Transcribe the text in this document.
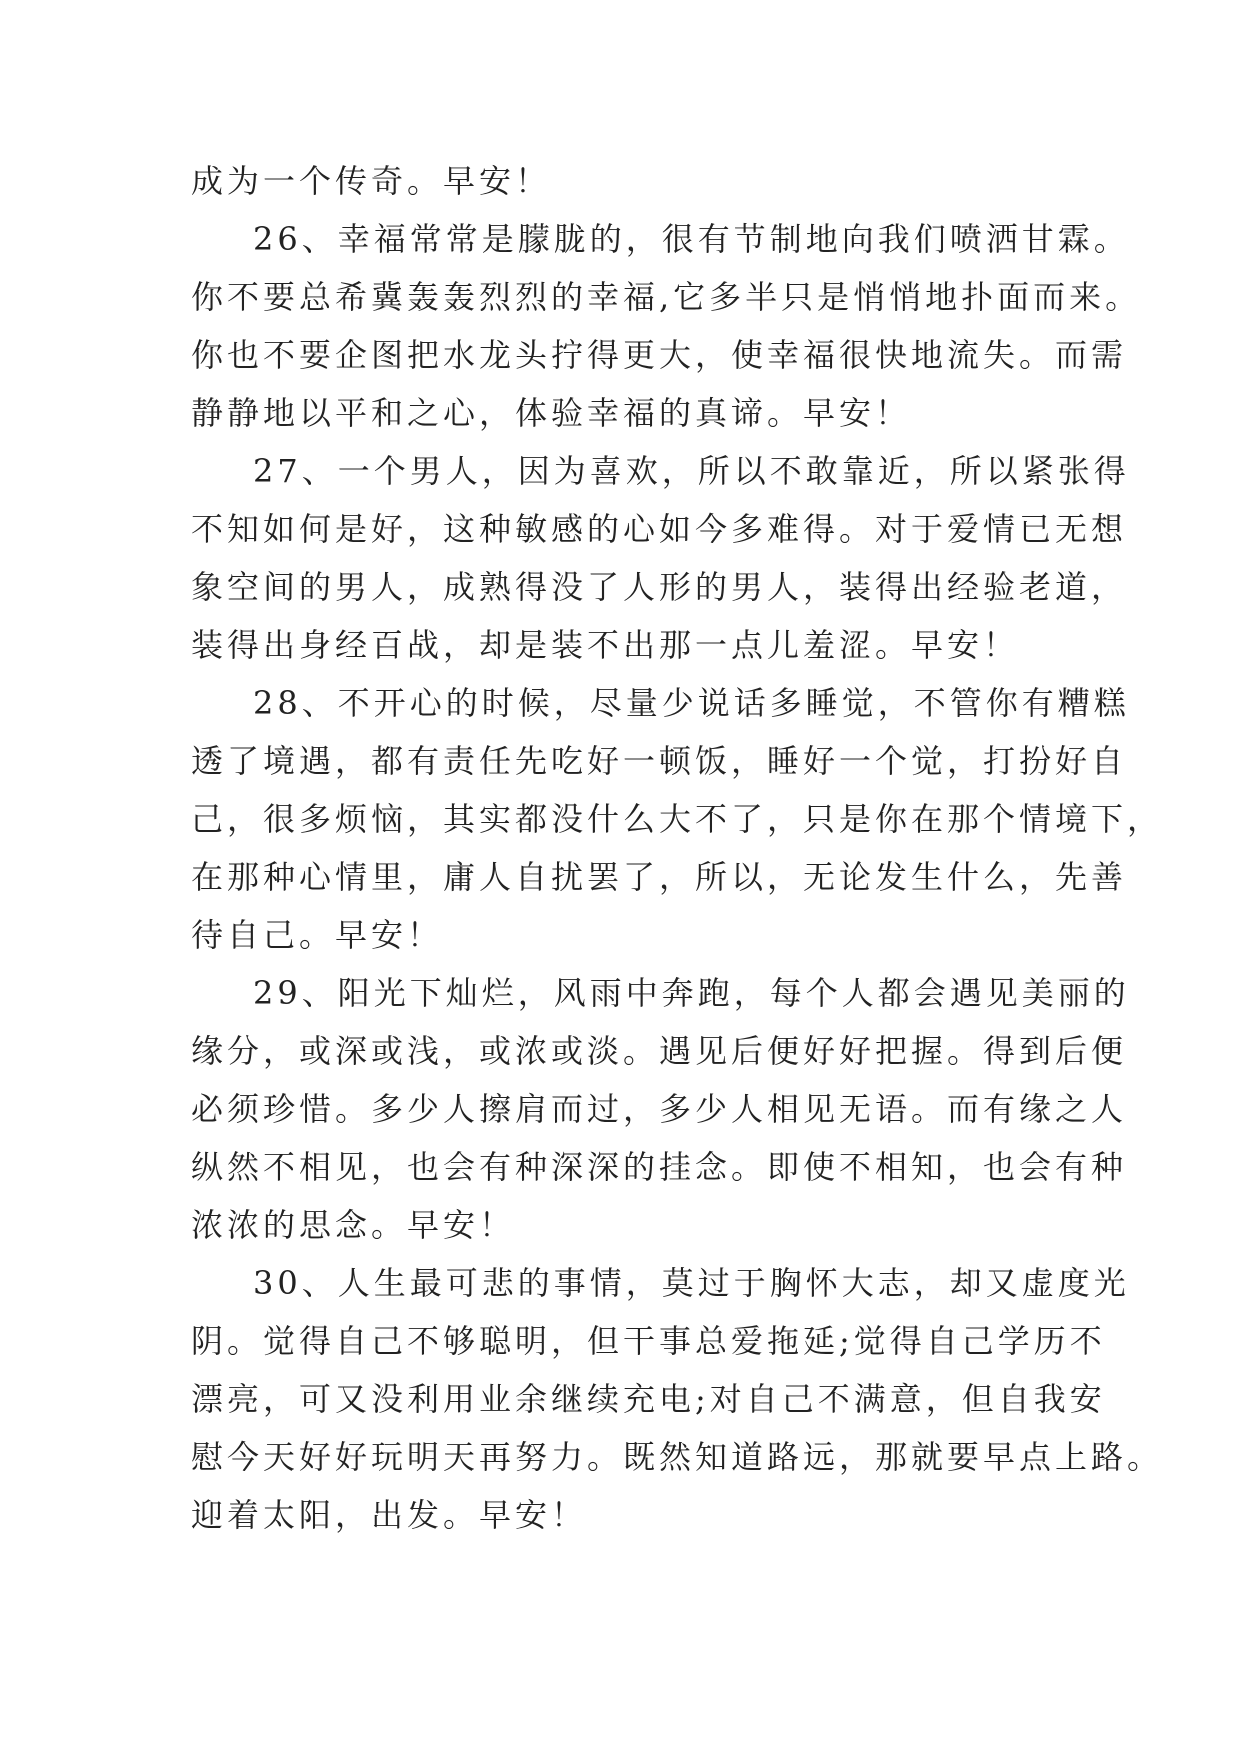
成为一个传奇。早安！
26、幸福常常是朦胧的，很有节制地向我们喷洒甘霖。
你不要总希冀轰轰烈烈的幸福,它多半只是悄悄地扑面而来。
你也不要企图把水龙头拧得更大，使幸福很快地流失。而需
静静地以平和之心，体验幸福的真谛。早安！
27、一个男人，因为喜欢，所以不敢靠近，所以紧张得
不知如何是好，这种敏感的心如今多难得。对于爱情已无想
象空间的男人，成熟得没了人形的男人，装得出经验老道，
装得出身经百战，却是装不出那一点儿羞涩。早安！
28、不开心的时候，尽量少说话多睡觉，不管你有糟糕
透了境遇，都有责任先吃好一顿饭，睡好一个觉，打扮好自
己，很多烦恼，其实都没什么大不了，只是你在那个情境下，
在那种心情里，庸人自扰罢了，所以，无论发生什么，先善
待自己。早安！
29、阳光下灿烂，风雨中奔跑，每个人都会遇见美丽的
缘分，或深或浅，或浓或淡。遇见后便好好把握。得到后便
必须珍惜。多少人擦肩而过，多少人相见无语。而有缘之人
纵然不相见，也会有种深深的挂念。即使不相知，也会有种
浓浓的思念。早安！
30、人生最可悲的事情，莫过于胸怀大志，却又虚度光
阴。觉得自己不够聪明，但干事总爱拖延;觉得自己学历不
漂亮，可又没利用业余继续充电;对自己不满意，但自我安
慰今天好好玩明天再努力。既然知道路远，那就要早点上路。
迎着太阳，出发。早安！
